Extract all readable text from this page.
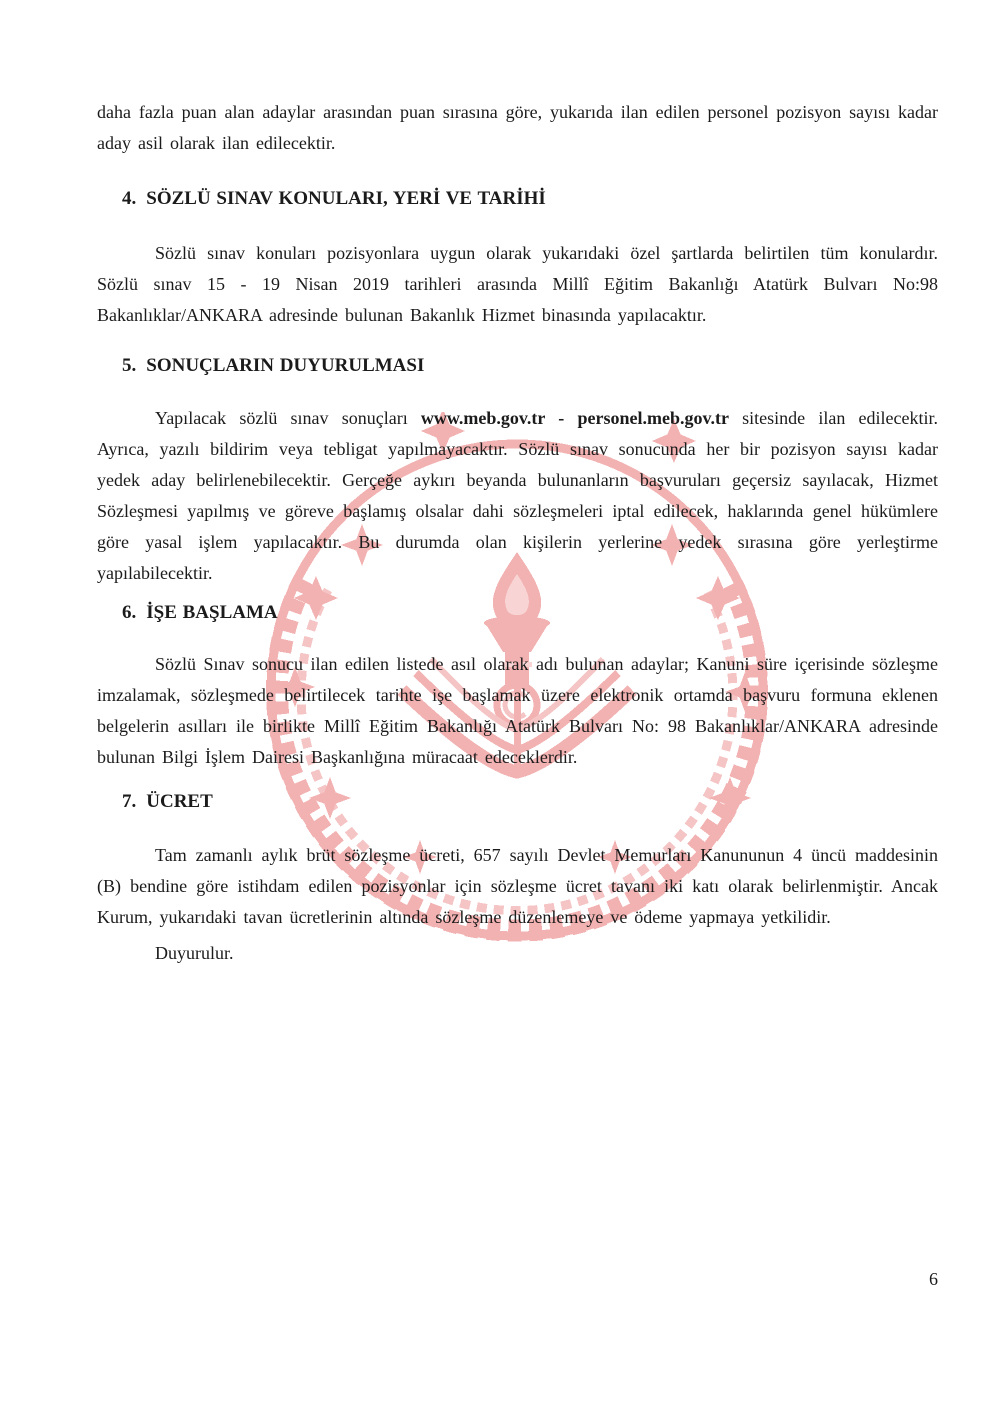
daha fazla puan alan adaylar arasından puan sırasına göre, yukarıda ilan edilen personel pozisyon sayısı kadar aday asil olarak ilan edilecektir.

4. SÖZLÜ SINAV KONULARI, YERİ VE TARİHİ

Sözlü sınav konuları pozisyonlara uygun olarak yukarıdaki özel şartlarda belirtilen tüm konulardır. Sözlü sınav 15 - 19 Nisan 2019 tarihleri arasında Millî Eğitim Bakanlığı Atatürk Bulvarı No:98 Bakanlıklar/ANKARA adresinde bulunan Bakanlık Hizmet binasında yapılacaktır.

5. SONUÇLARIN DUYURULMASI

Yapılacak sözlü sınav sonuçları www.meb.gov.tr - personel.meb.gov.tr sitesinde ilan edilecektir. Ayrıca, yazılı bildirim veya tebligat yapılmayacaktır. Sözlü sınav sonucunda her bir pozisyon sayısı kadar yedek aday belirlenebilecektir. Gerçeğe aykırı beyanda bulunanların başvuruları geçersiz sayılacak, Hizmet Sözleşmesi yapılmış ve göreve başlamış olsalar dahi sözleşmeleri iptal edilecek, haklarında genel hükümlere göre yasal işlem yapılacaktır. Bu durumda olan kişilerin yerlerine yedek sırasına göre yerleştirme yapılabilecektir.

6. İŞE BAŞLAMA

Sözlü Sınav sonucu ilan edilen listede asıl olarak adı bulunan adaylar; Kanuni süre içerisinde sözleşme imzalamak, sözleşmede belirtilecek tarihte işe başlamak üzere elektronik ortamda başvuru formuna eklenen belgelerin asılları ile birlikte Millî Eğitim Bakanlığı Atatürk Bulvarı No: 98 Bakanlıklar/ANKARA adresinde bulunan Bilgi İşlem Dairesi Başkanlığına müracaat edeceklerdir.

7. ÜCRET

Tam zamanlı aylık brüt sözleşme ücreti, 657 sayılı Devlet Memurları Kanununun 4 üncü maddesinin (B) bendine göre istihdam edilen pozisyonlar için sözleşme ücret tavanı iki katı olarak belirlenmiştir. Ancak Kurum, yukarıdaki tavan ücretlerinin altında sözleşme düzenlemeye ve ödeme yapmaya yetkilidir.

Duyurulur.

6
